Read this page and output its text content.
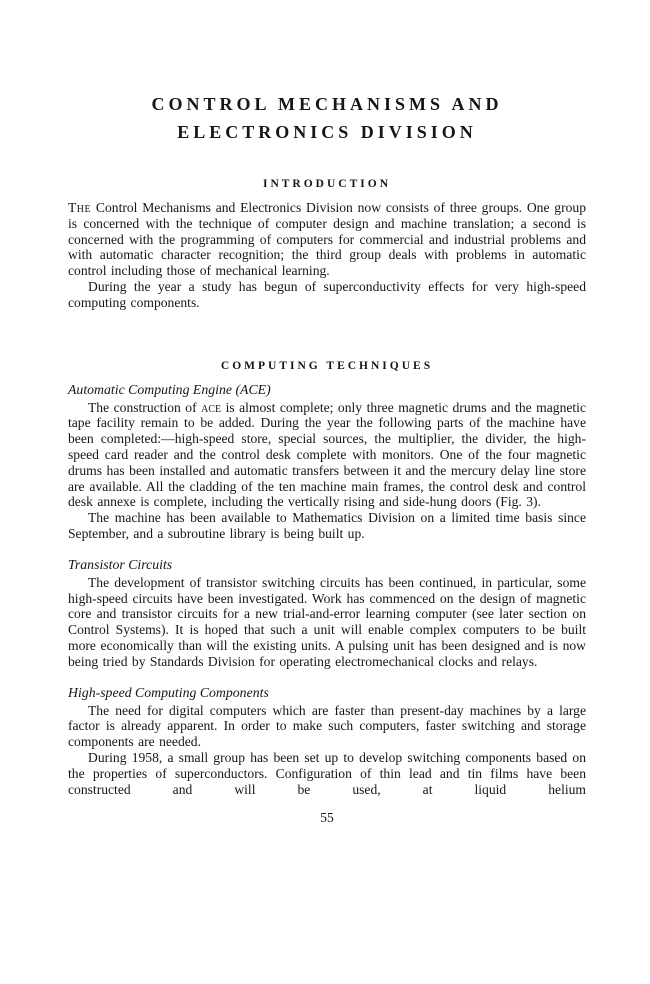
CONTROL MECHANISMS AND
ELECTRONICS DIVISION
INTRODUCTION

The Control Mechanisms and Electronics Division now consists of three groups. One group is concerned with the technique of computer design and machine translation; a second is concerned with the programming of computers for commercial and industrial problems and with automatic character recognition; the third group deals with problems in automatic control including those of mechanical learning.

During the year a study has begun of superconductivity effects for very high-speed computing components.

COMPUTING TECHNIQUES
Automatic Computing Engine (ACE)

The construction of ace is almost complete; only three magnetic drums and the magnetic tape facility remain to be added. During the year the following parts of the machine have been completed:—high-speed store, special sources, the multiplier, the divider, the high-speed card reader and the control desk complete with monitors. One of the four magnetic drums has been installed and automatic transfers between it and the mercury delay line store are available. All the cladding of the ten machine main frames, the control desk and control desk annexe is complete, including the vertically rising and side-hung doors (Fig. 3).

The machine has been available to Mathematics Division on a limited time basis since September, and a subroutine library is being built up.

Transistor Circuits

The development of transistor switching circuits has been continued, in particular, some high-speed circuits have been investigated. Work has commenced on the design of magnetic core and transistor circuits for a new trial-and-error learning computer (see later section on Control Systems). It is hoped that such a unit will enable complex computers to be built more economically than will the existing units. A pulsing unit has been designed and is now being tried by Standards Division for operating electromechanical clocks and relays.

High-speed Computing Components

The need for digital computers which are faster than present-day machines by a large factor is already apparent. In order to make such computers, faster switching and storage components are needed.

During 1958, a small group has been set up to develop switching components based on the properties of superconductors. Configuration of thin lead and tin films have been constructed and will be used, at liquid helium

55
